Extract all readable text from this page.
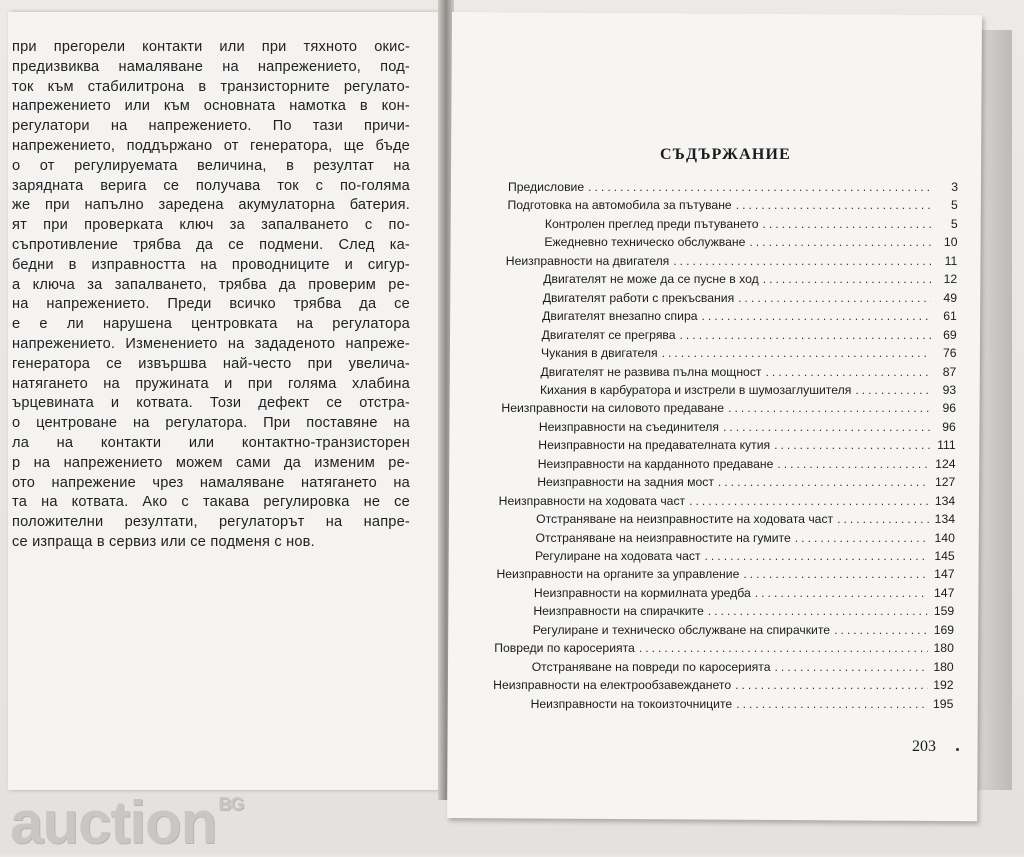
при прегорели контакти или при тяхното окис-
предизвиква намаляване на напрежението, под-
ток към стабилитрона в транзисторните регулато-
напрежението или към основната намотка в кон-
регулатори на напрежението. По тази причи-
напрежението, поддържано от генератора, ще бъде
о от регулируемата величина, в резултат на
зарядната верига се получава ток с по-голяма
же при напълно заредена акумулаторна батерия.
ят при проверката ключ за запалването с по-
съпротивление трябва да се подмени. След ка-
бедни в изправността на проводниците и сигур-
а ключа за запалването, трябва да проверим ре-
на напрежението. Преди всичко трябва да се
е е ли нарушена центровката на регулатора
напрежението. Изменението на зададеното напреже-
генератора се извършва най-често при увелича-
натягането на пружината и при голяма хлабина
ърцевината и котвата. Този дефект се отстра-
о центроване на регулатора. При поставяне на
ла на контакти или контактно-транзисторен
р на напрежението можем сами да изменим ре-
ото напрежение чрез намаляване натягането на
та на котвата. Ако с такава регулировка не се
положителни резултати, регулаторът на напре-
се изпраща в сервиз или се подменя с нов.
СЪДЪРЖАНИЕ
Предисловие .....	3
Подготовка на автомобила за пътуване .....	5
Контролен преглед преди пътуването .....	5
Ежедневно техническо обслужване .....	10
Неизправности на двигателя .....	11
Двигателят не може да се пусне в ход .....	12
Двигателят работи с прекъсвания .....	49
Двигателят внезапно спира .....	61
Двигателят се прегрява .....	69
Чукания в двигателя .....	76
Двигателят не развива пълна мощност .....	87
Кихания в карбуратора и изстрели в шумозаглушителя .....	93
Неизправности на силовото предаване .....	96
Неизправности на съединителя .....	96
Неизправности на предавателната кутия .....	111
Неизправности на карданното предаване .....	124
Неизправности на задния мост .....	127
Неизправности на ходовата част .....	134
Отстраняване на неизправностите на ходовата част .....	134
Отстраняване на неизправностите на гумите .....	140
Регулиране на ходовата част .....	145
Неизправности на органите за управление .....	147
Неизправности на кормилната уредба .....	147
Неизправности на спирачките .....	159
Регулиране и техническо обслужване на спирачките .....	169
Повреди по каросерията .....	180
Отстраняване на повреди по каросерията .....	180
Неизправности на електрообзавеждането .....	192
Неизправности на токоизточниците .....	195
203
auction $^{BG}$
